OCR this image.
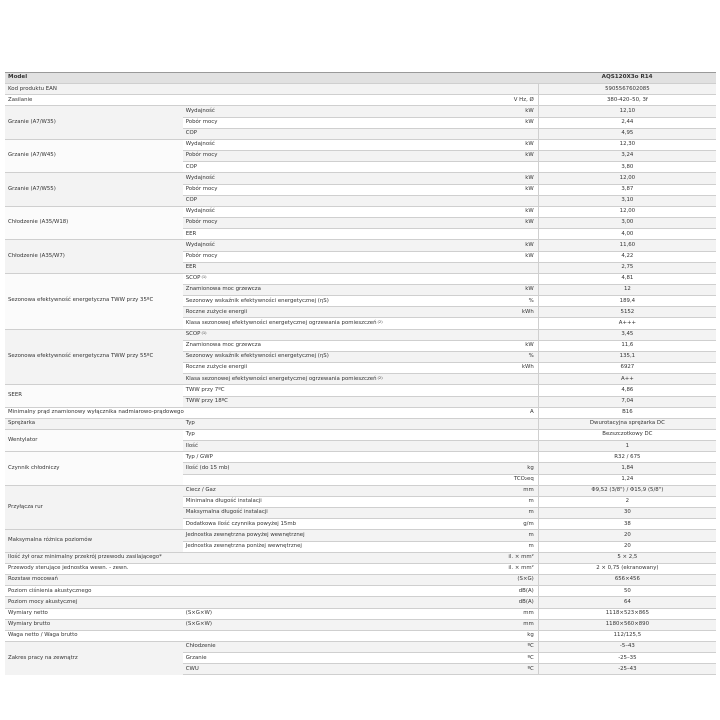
Model			AQS120X3o R14
Kod produktu EAN			5905567602085
Zasilanie		V Hz, Ø	380-420–50, 3f
Grzanie (A7/W35)	Wydajność	kW	12,10
	Pobór mocy	kW	2,44
	COP		4,95
Grzanie (A7/W45)	Wydajność	kW	12,30
	Pobór mocy	kW	3,24
	COP		3,80
Grzanie (A7/W55)	Wydajność	kW	12,00
	Pobór mocy	kW	3,87
	COP		3,10
Chłodzenie (A35/W18)	Wydajność	kW	12,00
	Pobór mocy	kW	3,00
	EER		4,00
Chłodzenie (A35/W7)	Wydajność	kW	11,60
	Pobór mocy	kW	4,22
	EER		2,75
Sezonowa efektywność energetyczna TWW przy 35ºC	SCOP$^{(1)}$		4,81
	Znamionowa moc grzewcza	kW	12
	Sezonowy wskaźnik efektywności energetycznej (ηS)	%	189,4
	Roczne zużycie energii	kWh	5152
	Klasa sezonowej efektywności energetycznej ogrzewania pomieszczeń$^{(2)}$		A+++
Sezonowa efektywność energetyczna TWW przy 55ºC	SCOP$^{(1)}$		3,45
	Znamionowa moc grzewcza	kW	11,6
	Sezonowy wskaźnik efektywności energetycznej (ηS)	%	135,1
	Roczne zużycie energii	kWh	6927
	Klasa sezonowej efektywności energetycznej ogrzewania pomieszczeń$^{(2)}$		A++
SEER	TWW przy 7ºC		4,86
	TWW przy 18ºC		7,04
Minimalny prąd znamionowy wyłącznika nadmiarowo-prądowego		A	B16
Sprężarka	Typ		Dwurotacyjna sprężarka DC
Wentylator	Typ		Bezszczotkowy DC
	Ilość		1
Czynnik chłodniczy	Typ / GWP		R32 / 675
	Ilość (do 15 mb)	kg	1,84
		TCO₂eq	1,24
Przyłącza rur	Ciecz / Gaz	mm	Φ9,52 (3/8") / Φ15,9 (5/8")
	Minimalna długość instalacji	m	2
	Maksymalna długość instalacji	m	30
	Dodatkowa ilość czynnika powyżej 15mb	g/m	38
Maksymalna różnica poziomów	Jednostka zewnętrzna powyżej wewnętrznej	m	20
	Jednostka zewnętrzna poniżej wewnętrznej	m	20
Ilość żył oraz minimalny przekrój przewodu zasilającego*		il. × mm²	5 × 2,5
Przewody sterujące jednostka wewn. - zewn.		il. × mm²	2 × 0,75 (ekranowany)
Rozstaw mocowań		(S×G)	656×456
Poziom ciśnienia akustycznego		dB(A)	50
Poziom mocy akustycznej		dB(A)	64
Wymiary netto	(S×G×W)	mm	1118×523×865
Wymiary brutto	(S×G×W)	mm	1180×560×890
Waga netto / Waga brutto		kg	112/125,5
Zakres pracy na zewnątrz	Chłodzenie	ºC	-5–43
	Grzanie	ºC	-25–35
	CWU	ºC	-25–43
